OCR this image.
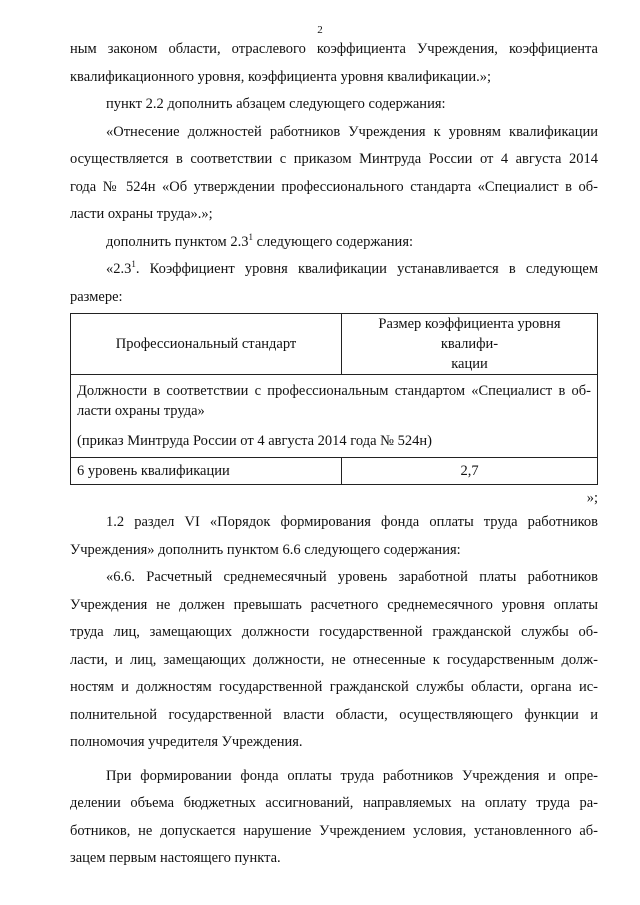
2

ным законом области, отраслевого коэффициента Учреждения, коэффициента
квалификационного уровня, коэффициента уровня квалификации.»;

пункт 2.2 дополнить абзацем следующего содержания:

«Отнесение должностей работников Учреждения к уровням квалификации
осуществляется в соответствии с приказом Минтруда России от 4 августа 2014
года № 524н «Об утверждении профессионального стандарта «Специалист в об-
ласти охраны труда».»;

дополнить пунктом $2.3^1$ следующего содержания:

«$2.3^1$. Коэффициент уровня квалификации устанавливается в следующем
размере:

Профессиональный стандарт	Размер коэффициента уровня квалифи-
кации

Должности в соответствии с профессиональным стандартом «Специалист в об-
ласти охраны труда»
(приказ Минтруда России от 4 августа 2014 года № 524н)	

6 уровень квалификации	2,7
»;

1.2 раздел VI «Порядок формирования фонда оплаты труда работников
Учреждения» дополнить пунктом 6.6 следующего содержания:

«6.6. Расчетный среднемесячный уровень заработной платы работников
Учреждения не должен превышать расчетного среднемесячного уровня оплаты
труда лиц, замещающих должности государственной гражданской службы об-
ласти, и лиц, замещающих должности, не отнесенные к государственным долж-
ностям и должностям государственной гражданской службы области, органа ис-
полнительной государственной власти области, осуществляющего функции и
полномочия учредителя Учреждения.

При формировании фонда оплаты труда работников Учреждения и опре-
делении объема бюджетных ассигнований, направляемых на оплату труда ра-
ботников, не допускается нарушение Учреждением условия, установленного аб-
зацем первым настоящего пункта.
